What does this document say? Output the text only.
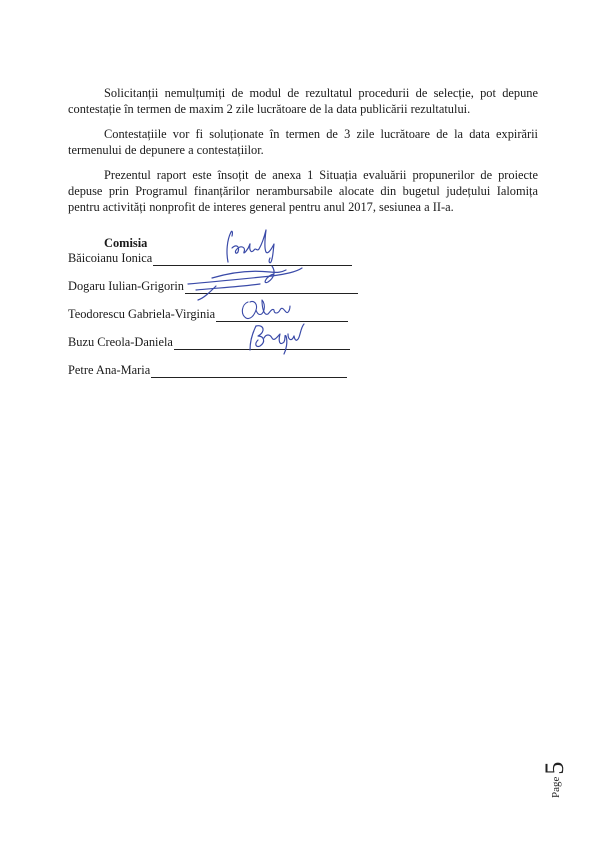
Solicitanții nemulțumiți de modul de rezultatul procedurii de selecție, pot depune contestație în termen de maxim 2 zile lucrătoare de la data publicării rezultatului.

Contestațiile vor fi soluționate în termen de 3 zile lucrătoare de la data expirării termenului de depunere a contestațiilor.

Prezentul raport este însoțit de anexa 1 Situația evaluării propunerilor de proiecte depuse prin Programul finanțărilor nerambursabile alocate din bugetul județului Ialomița pentru activități nonprofit de interes general pentru anul 2017, sesiunea a II-a.

Comisia

Băicoianu Ionica
Dogaru Iulian-Grigorin
Teodorescu Gabriela-Virginia
Buzu Creola-Daniela
Petre Ana-Maria
Page5
